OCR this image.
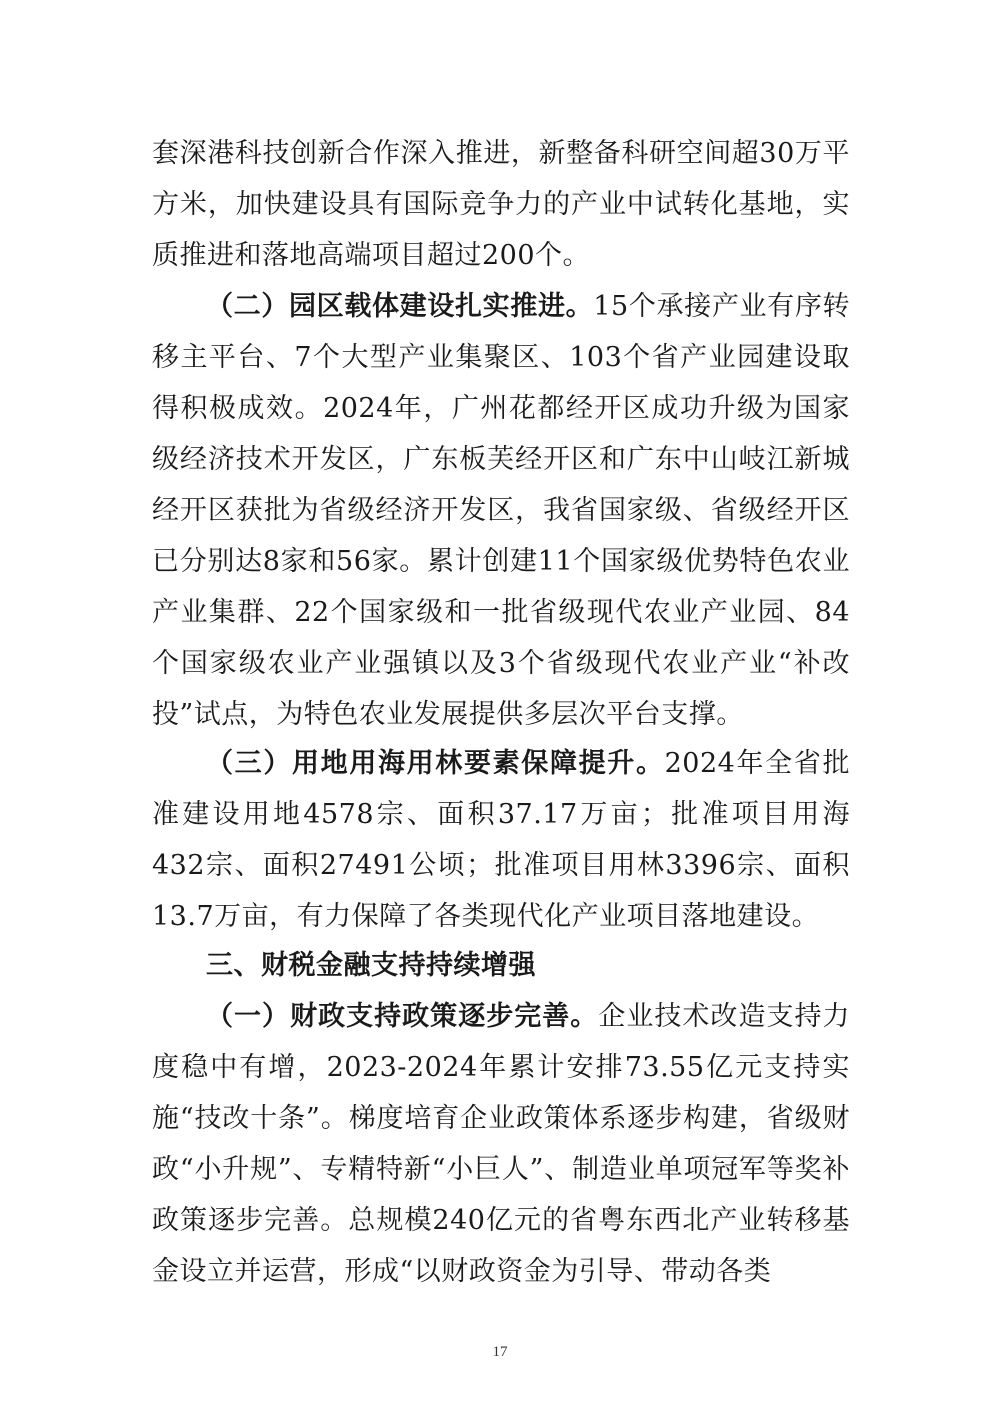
套深港科技创新合作深入推进，新整备科研空间超30万平方米，加快建设具有国际竞争力的产业中试转化基地，实质推进和落地高端项目超过200个。

（二）园区载体建设扎实推进。15个承接产业有序转移主平台、7个大型产业集聚区、103个省产业园建设取得积极成效。2024年，广州花都经开区成功升级为国家级经济技术开发区，广东板芙经开区和广东中山岐江新城经开区获批为省级经济开发区，我省国家级、省级经开区已分别达8家和56家。累计创建11个国家级优势特色农业产业集群、22个国家级和一批省级现代农业产业园、84个国家级农业产业强镇以及3个省级现代农业产业“补改投”试点，为特色农业发展提供多层次平台支撑。

（三）用地用海用林要素保障提升。2024年全省批准建设用地4578宗、面积37.17万亩；批准项目用海432宗、面积27491公顷；批准项目用林3396宗、面积13.7万亩，有力保障了各类现代化产业项目落地建设。

三、财税金融支持持续增强

（一）财政支持政策逐步完善。企业技术改造支持力度稳中有增，2023-2024年累计安排73.55亿元支持实施“技改十条”。梯度培育企业政策体系逐步构建，省级财政“小升规”、专精特新“小巨人”、制造业单项冠军等奖补政策逐步完善。总规模240亿元的省粤东西北产业转移基金设立并运营，形成“以财政资金为引导、带动各类

17
